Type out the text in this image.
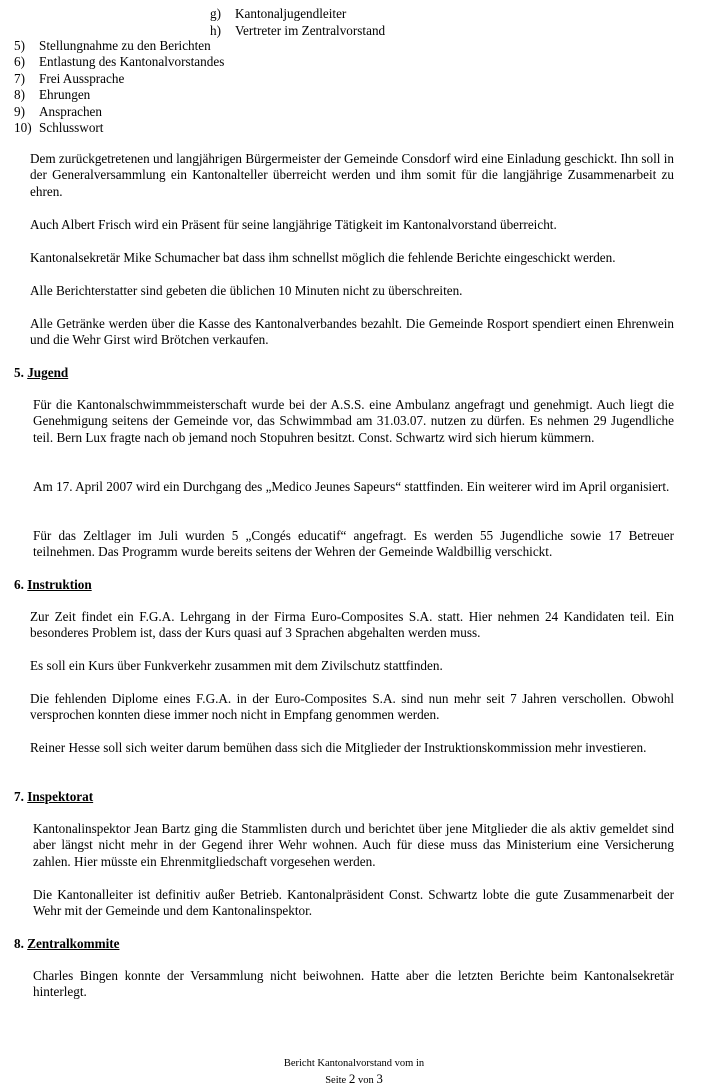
g) Kantonaljugendleiter
h) Vertreter im Zentralvorstand
5) Stellungnahme zu den Berichten
6) Entlastung des Kantonalvorstandes
7) Frei Aussprache
8) Ehrungen
9) Ansprachen
10) Schlusswort

Dem zurückgetretenen und langjährigen Bürgermeister der Gemeinde Consdorf wird eine Einladung geschickt. Ihn soll in der Generalversammlung ein Kantonalteller überreicht werden und ihm somit für die langjährige Zusammenarbeit zu ehren.

Auch Albert Frisch wird ein Präsent für seine langjährige Tätigkeit im Kantonalvorstand überreicht.

Kantonalsekretär Mike Schumacher bat dass ihm schnellst möglich die fehlende Berichte eingeschickt werden.

Alle Berichterstatter sind gebeten die üblichen 10 Minuten nicht zu überschreiten.

Alle Getränke werden über die Kasse des Kantonalverbandes bezahlt. Die Gemeinde Rosport spendiert einen Ehrenwein und die Wehr Girst wird Brötchen verkaufen.

5. Jugend

Für die Kantonalschwimmmeisterschaft wurde bei der A.S.S. eine Ambulanz angefragt und genehmigt. Auch liegt die Genehmigung seitens der Gemeinde vor, das Schwimmbad am 31.03.07. nutzen zu dürfen. Es nehmen 29 Jugendliche teil. Bern Lux fragte nach ob jemand noch Stopuhren besitzt. Const. Schwartz wird sich hierum kümmern.

Am 17. April 2007 wird ein Durchgang des „Medico Jeunes Sapeurs“ stattfinden. Ein weiterer wird im April organisiert.

Für das Zeltlager im Juli wurden 5 „Congés educatif“ angefragt. Es werden 55 Jugendliche sowie 17 Betreuer teilnehmen. Das Programm wurde bereits seitens der Wehren der Gemeinde Waldbillig verschickt.

6. Instruktion

Zur Zeit findet ein F.G.A. Lehrgang in der Firma Euro-Composites S.A. statt. Hier nehmen 24 Kandidaten teil. Ein besonderes Problem ist, dass der Kurs quasi auf 3 Sprachen abgehalten werden muss.

Es soll ein Kurs über Funkverkehr zusammen mit dem Zivilschutz stattfinden.

Die fehlenden Diplome eines F.G.A. in der Euro-Composites S.A. sind nun mehr seit 7 Jahren verschollen. Obwohl versprochen konnten diese immer noch nicht in Empfang genommen werden.

Reiner Hesse soll sich weiter darum bemühen dass sich die Mitglieder der Instruktionskommission mehr investieren.

7. Inspektorat

Kantonalinspektor Jean Bartz ging die Stammlisten durch und berichtet über jene Mitglieder die als aktiv gemeldet sind aber längst nicht mehr in der Gegend ihrer Wehr wohnen. Auch für diese muss das Ministerium eine Versicherung zahlen. Hier müsste ein Ehrenmitgliedschaft vorgesehen werden.

Die Kantonalleiter ist definitiv außer Betrieb. Kantonalpräsident Const. Schwartz lobte die gute Zusammenarbeit der Wehr mit der Gemeinde und dem Kantonalinspektor.

8. Zentralkommite

Charles Bingen konnte der Versammlung nicht beiwohnen. Hatte aber die letzten Berichte beim Kantonalsekretär hinterlegt.

Bericht Kantonalvorstand vom in
Seite 2 von 3
